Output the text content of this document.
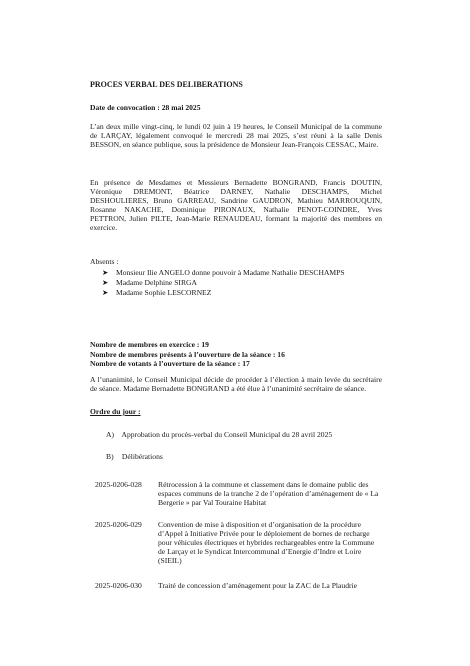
PROCES VERBAL DES DELIBERATIONS
Date de convocation : 28 mai 2025

L’an deux mille vingt-cinq, le lundi 02 juin à 19 heures, le Conseil Municipal de la commune de LARÇAY, légalement convoqué le mercredi 28 mai 2025, s’est réuni à la salle Denis BESSON, en séance publique, sous la présidence de Monsieur Jean-François CESSAC, Maire.

En présence de Mesdames et Messieurs Bernadette BONGRAND, Francis DOUTIN, Véronique DREMONT, Béatrice DARNEY, Nathalie DESCHAMPS, Michel DESHOULIERES, Bruno GARREAU, Sandrine GAUDRON, Mathieu MARROUQUIN, Rosanne NAKACHE, Dominique PIRONAUX, Nathalie PENOT-COINDRE, Yves PETTRON, Julien PILTE, Jean-Marie RENAUDEAU, formant la majorité des membres en exercice.

Absents :
➤ Monsieur Ilie ANGELO donne pouvoir à Madame Nathalie DESCHAMPS
➤ Madame Delphine SIRGA
➤ Madame Sophie LESCORNEZ
Nombre de membres en exercice : 19
Nombre de membres présents à l’ouverture de la séance : 16
Nombre de votants à l’ouverture de la séance : 17

A l’unanimité, le Conseil Municipal décide de procéder à l’élection à main levée du secrétaire de séance. Madame Bernadette BONGRAND a été élue à l’unanimité secrétaire de séance.

Ordre du jour :
A) Approbation du procès-verbal du Conseil Municipal du 28 avril 2025
B) Délibérations
2025-0206-028	Rétrocession à la commune et classement dans le domaine public des espaces communs de la tranche 2 de l’opération d’aménagement de « La Bergerie » par Val Touraine Habitat
2025-0206-029	Convention de mise à disposition et d’organisation de la procédure d’Appel à Initiative Privée pour le déploiement de bornes de recharge pour véhicules électriques et hybrides rechargeables entre la Commune de Larçay et le Syndicat Intercommunal d’Energie d’Indre et Loire (SIEIL)
2025-0206-030	Traité de concession d’aménagement pour la ZAC de La Plaudrie
